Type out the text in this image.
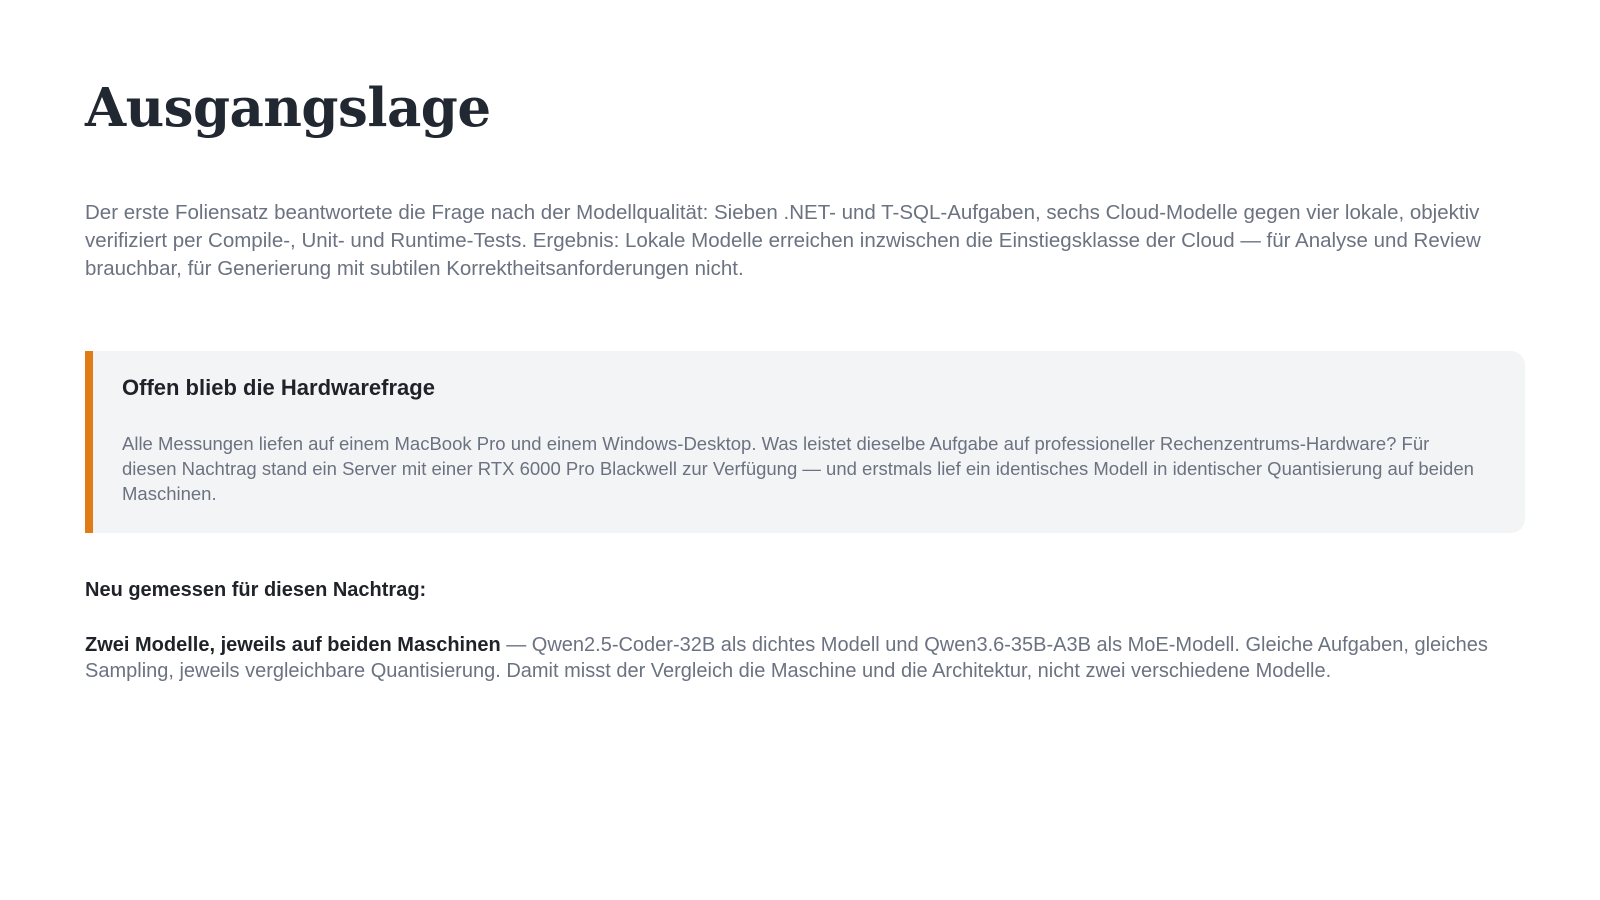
Ausgangslage

Der erste Foliensatz beantwortete die Frage nach der Modellqualität: Sieben .NET- und T-SQL-Aufgaben, sechs Cloud-Modelle gegen vier lokale, objektiv verifiziert per Compile-, Unit- und Runtime-Tests. Ergebnis: Lokale Modelle erreichen inzwischen die Einstiegsklasse der Cloud — für Analyse und Review brauchbar, für Generierung mit subtilen Korrektheitsanforderungen nicht.

Offen blieb die Hardwarefrage

Alle Messungen liefen auf einem MacBook Pro und einem Windows-Desktop. Was leistet dieselbe Aufgabe auf professioneller Rechenzentrums-Hardware? Für diesen Nachtrag stand ein Server mit einer RTX 6000 Pro Blackwell zur Verfügung — und erstmals lief ein identisches Modell in identischer Quantisierung auf beiden Maschinen.

Neu gemessen für diesen Nachtrag:

Zwei Modelle, jeweils auf beiden Maschinen — Qwen2.5-Coder-32B als dichtes Modell und Qwen3.6-35B-A3B als MoE-Modell. Gleiche Aufgaben, gleiches Sampling, jeweils vergleichbare Quantisierung. Damit misst der Vergleich die Maschine und die Architektur, nicht zwei verschiedene Modelle.
